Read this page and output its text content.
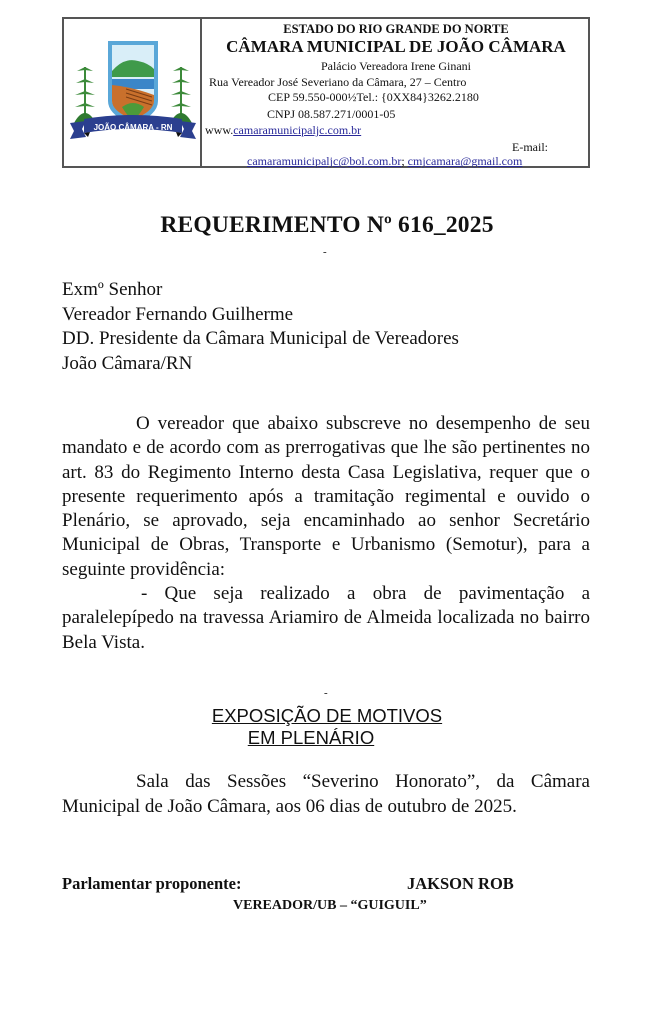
JOÃO CÂMARA - RN
ESTADO DO RIO GRANDE DO NORTE
CÂMARA MUNICIPAL DE JOÃO CÂMARA
Palácio Vereadora Irene Ginani
Rua Vereador José Severiano da Câmara, 27 – Centro
CEP 59.550-000½Tel.: {0XX84}3262.2180
CNPJ 08.587.271/0001-05
www.camaramunicipaljc.com.br
E-mail:
camaramunicipaljc@bol.com.br; cmjcamara@gmail.com
REQUERIMENTO Nº 616_2025
-
Exmº Senhor
Vereador Fernando Guilherme
DD. Presidente da Câmara Municipal de Vereadores
João Câmara/RN

O vereador que abaixo subscreve no desempenho de seu mandato e de acordo com as prerrogativas que lhe são pertinentes no art. 83 do Regimento Interno desta Casa Legislativa, requer que o presente requerimento após a tramitação regimental e ouvido o Plenário, se aprovado, seja encaminhado ao senhor Secretário Municipal de Obras, Transporte e Urbanismo (Semotur), para a seguinte providência:

- Que seja realizado a obra de pavimentação a paralelepípedo na travessa Ariamiro de Almeida localizada no bairro Bela Vista.

-
EXPOSIÇÃO DE MOTIVOS
EM PLENÁRIO

Sala das Sessões “Severino Honorato”, da Câmara Municipal de João Câmara, aos 06 dias de outubro de 2025.

Parlamentar proponente:	JAKSON ROB
VEREADOR/UB – “GUIGUIL”
